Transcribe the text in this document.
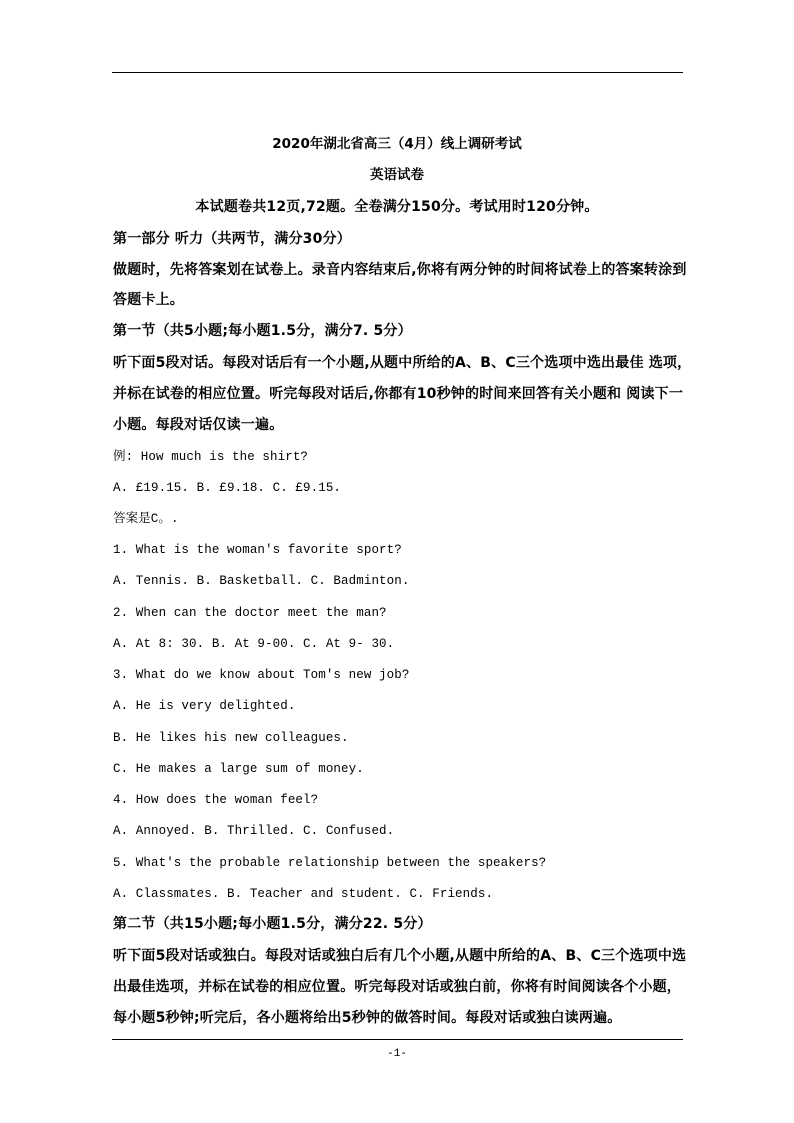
2020年湖北省高三（4月）线上调研考试
英语试卷
本试题卷共12页,72题。全卷满分150分。考试用时120分钟。
第一部分 听力（共两节，满分30分）
做题时，先将答案划在试卷上。录音内容结束后,你将有两分钟的时间将试卷上的答案转涂到
答题卡上。
第一节（共5小题;每小题1.5分，满分7. 5分）
听下面5段对话。每段对话后有一个小题,从题中所给的A、B、C三个选项中选出最佳 选项，
并标在试卷的相应位置。听完每段对话后,你都有10秒钟的时间来回答有关小题和 阅读下一
小题。每段对话仅读一遍。
例: How much is the shirt?
A. £19.15. B. £9.18. C. £9.15.
答案是C。.
1. What is the woman's favorite sport?
A. Tennis. B. Basketball. C. Badminton.
2. When can the doctor meet the man?
A. At 8: 30. B. At 9-00. C. At 9- 30.
3. What do we know about Tom's new job?
A. He is very delighted.
B. He likes his new colleagues.
C. He makes a large sum of money.
4. How does the woman feel?
A. Annoyed. B. Thrilled. C. Confused.
5. What's the probable relationship between the speakers?
A. Classmates. B. Teacher and student. C. Friends.
第二节（共15小题;每小题1.5分，满分22. 5分）
听下面5段对话或独白。每段对话或独白后有几个小题,从题中所给的A、B、C三个选项中选
出最佳选项，并标在试卷的相应位置。听完每段对话或独白前，你将有时间阅读各个小题，
每小题5秒钟;听完后，各小题将给出5秒钟的做答时间。每段对话或独白读两遍。
-1-
